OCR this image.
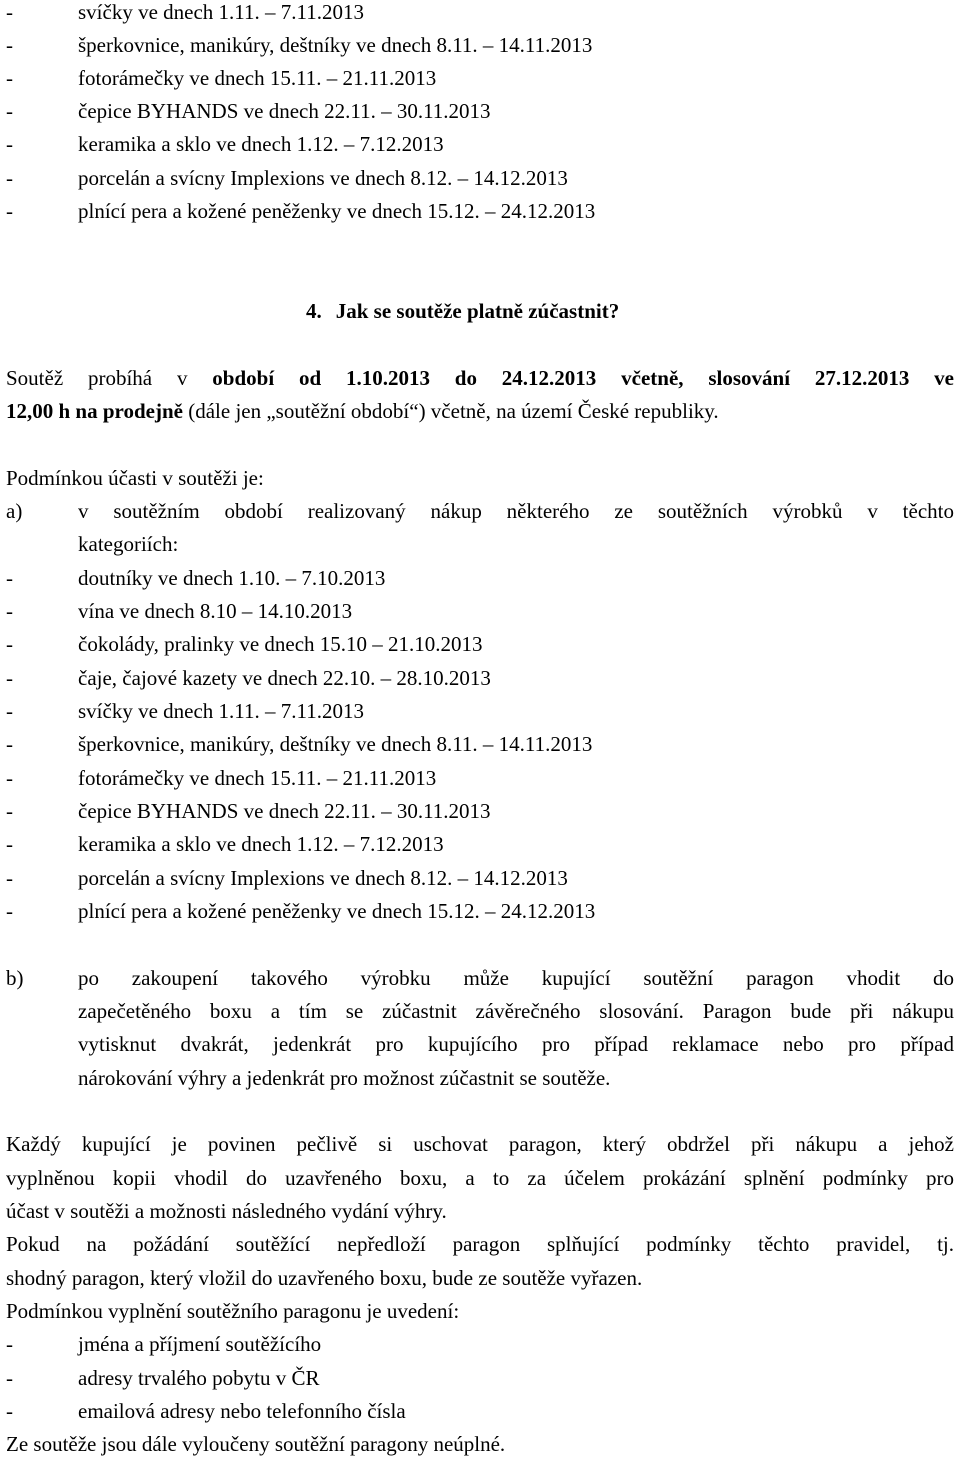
-	svíčky ve dnech 1.11. – 7.11.2013
-	šperkovnice, manikúry, deštníky ve dnech 8.11. – 14.11.2013
-	fotorámečky ve dnech 15.11. – 21.11.2013
-	čepice BYHANDS ve dnech 22.11. – 30.11.2013
-	keramika a sklo ve dnech 1.12. – 7.12.2013
-	porcelán a svícny Implexions ve dnech 8.12. – 14.12.2013
-	plnící pera a kožené peněženky ve dnech 15.12. – 24.12.2013
4. Jak se soutěže platně zúčastnit?
Soutěž probíhá v období od 1.10.2013 do 24.12.2013 včetně, slosování 27.12.2013 ve
12,00 h na prodejně (dále jen „soutěžní období“) včetně, na území České republiky.
Podmínkou účasti v soutěži je:
a)	v soutěžním období realizovaný nákup některého ze soutěžních výrobků v těchto
kategoriích:
-	doutníky ve dnech 1.10. – 7.10.2013
-	vína ve dnech 8.10 – 14.10.2013
-	čokolády, pralinky ve dnech 15.10 – 21.10.2013
-	čaje, čajové kazety ve dnech 22.10. – 28.10.2013
-	svíčky ve dnech 1.11. – 7.11.2013
-	šperkovnice, manikúry, deštníky ve dnech 8.11. – 14.11.2013
-	fotorámečky ve dnech 15.11. – 21.11.2013
-	čepice BYHANDS ve dnech 22.11. – 30.11.2013
-	keramika a sklo ve dnech 1.12. – 7.12.2013
-	porcelán a svícny Implexions ve dnech 8.12. – 14.12.2013
-	plnící pera a kožené peněženky ve dnech 15.12. – 24.12.2013
b)	po zakoupení takového výrobku může kupující soutěžní paragon vhodit do
zapečetěného boxu a tím se zúčastnit závěrečného slosování. Paragon bude při nákupu
vytisknut dvakrát, jedenkrát pro kupujícího pro případ reklamace nebo pro případ
nárokování výhry a jedenkrát pro možnost zúčastnit se soutěže.
Každý kupující je povinen pečlivě si uschovat paragon, který obdržel při nákupu a jehož
vyplněnou kopii vhodil do uzavřeného boxu, a to za účelem prokázání splnění podmínky pro
účast v soutěži a možnosti následného vydání výhry.
Pokud na požádání soutěžící nepředloží paragon splňující podmínky těchto pravidel, tj.
shodný paragon, který vložil do uzavřeného boxu, bude ze soutěže vyřazen.
Podmínkou vyplnění soutěžního paragonu je uvedení:
-	jména a příjmení soutěžícího
-	adresy trvalého pobytu v ČR
-	emailová adresy nebo telefonního čísla
Ze soutěže jsou dále vyloučeny soutěžní paragony neúplné.
